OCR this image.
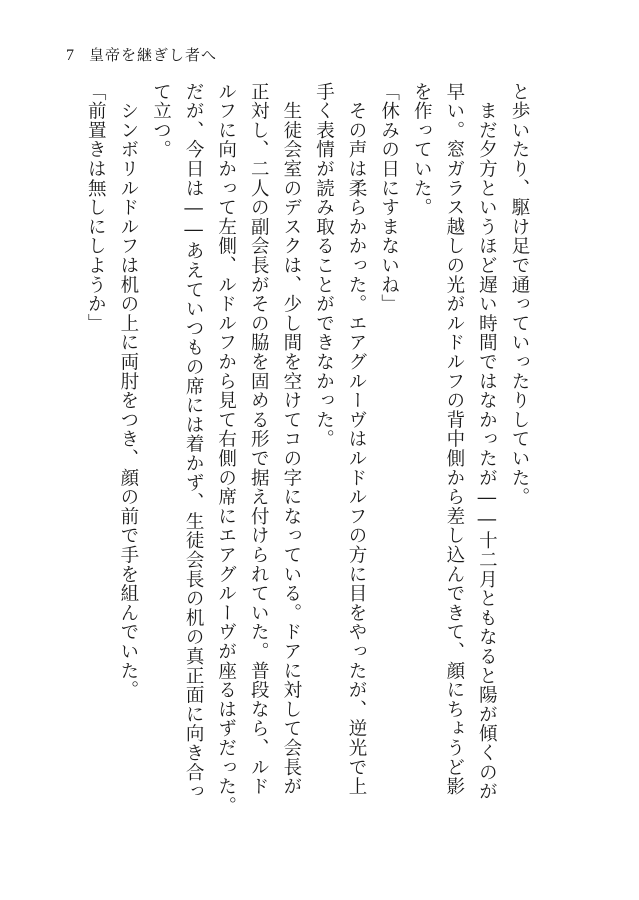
7 皇帝を継ぎし者へ
と歩いたり、駆け足で通っていったりしていた。
　まだ夕方というほど遅い時間ではなかったが――十二月ともなると陽が傾くのが
早い。窓ガラス越しの光がルドルフの背中側から差し込んできて、顔にちょうど影
を作っていた。
「休みの日にすまないね」
　その声は柔らかかった。エアグルーヴはルドルフの方に目をやったが、逆光で上
手く表情が読み取ることができなかった。
　生徒会室のデスクは、少し間を空けてコの字になっている。ドアに対して会長が
正対し、二人の副会長がその脇を固める形で据え付けられていた。普段なら、ルド
ルフに向かって左側、ルドルフから見て右側の席にエアグルーヴが座るはずだった。
だが、今日は――あえていつもの席には着かず、生徒会長の机の真正面に向き合っ
て立つ。
　シンボリルドルフは机の上に両肘をつき、顔の前で手を組んでいた。
「前置きは無しにしようか」
